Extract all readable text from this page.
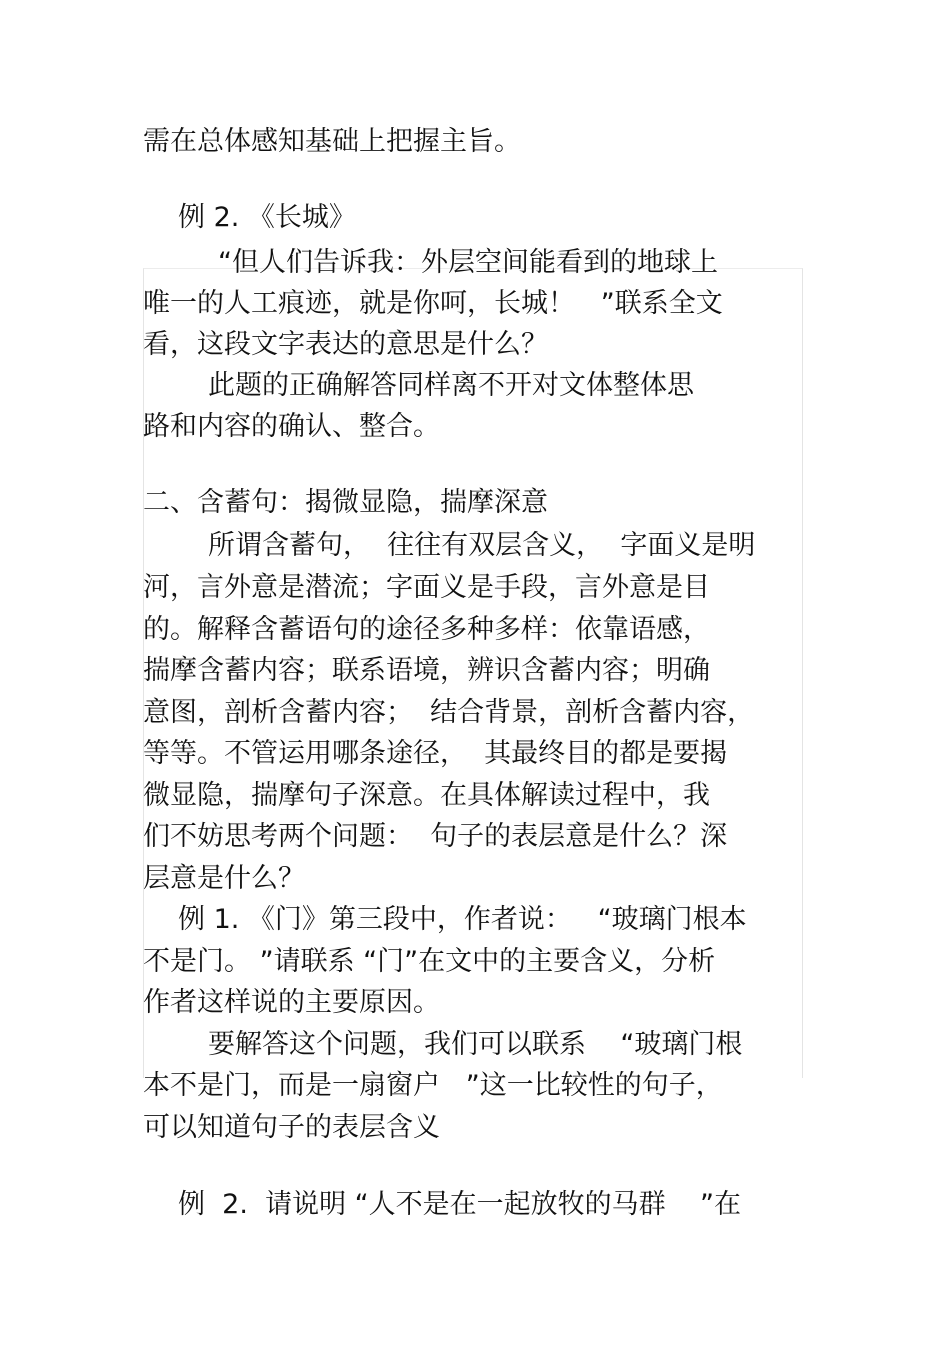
需在总体感知基础上把握主旨。
例 2. 《长城》
“但人们告诉我：外层空间能看到的地球上
唯一的人工痕迹，就是你呵，长城！   ”联系全文
看，这段文字表达的意思是什么？
此题的正确解答同样离不开对文体整体思
路和内容的确认、整合。
二、含蓄句：揭微显隐，揣摩深意
所谓含蓄句，  往往有双层含义，  字面义是明
河，言外意是潜流；字面义是手段，言外意是目
的。解释含蓄语句的途径多种多样：依靠语感，
揣摩含蓄内容；联系语境，辨识含蓄内容；明确
意图，剖析含蓄内容；  结合背景，剖析含蓄内容，
等等。不管运用哪条途径，  其最终目的都是要揭
微显隐，揣摩句子深意。在具体解读过程中，我
们不妨思考两个问题：  句子的表层意是什么？深
层意是什么？
例 1. 《门》第三段中，作者说：   “玻璃门根本
不是门。 ”请联系 “门”在文中的主要含义，分析
作者这样说的主要原因。
要解答这个问题，我们可以联系    “玻璃门根
本不是门，而是一扇窗户   ”这一比较性的句子，
可以知道句子的表层含义
例  2.  请说明 “人不是在一起放牧的马群    ”在
